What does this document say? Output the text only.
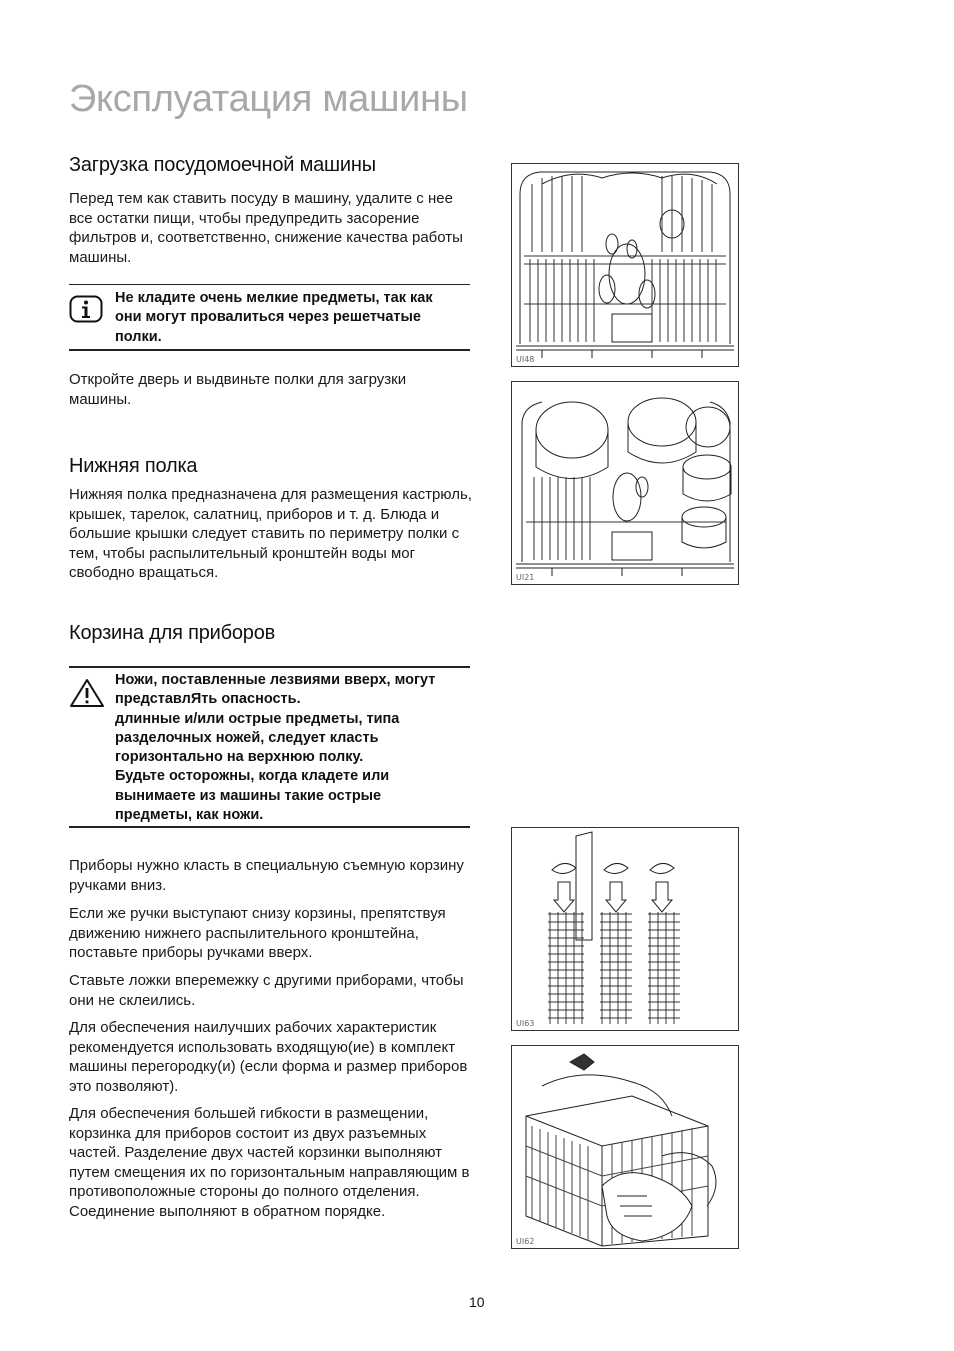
Эксплуатация машины
Загрузка посудомоечной машины

Перед тем как ставить посуду в машину, удалите с нее все остатки пищи, чтобы предупредить засорение фильтров и, соответственно, снижение качества работы машины.

Не кладите очень мелкие предметы, так как
они могут провалиться через решетчатые
полки.

Откройте дверь и выдвиньте полки для загрузки машины.

Нижняя полка

Нижняя полка предназначена для размещения кастрюль, крышек, тарелок, салатниц, приборов и т. д. Блюда и большие крышки следует ставить по периметру полки с тем, чтобы распылительный кронштейн воды мог свободно вращаться.

Корзина для приборов
Ножи, поставленные лезвиями вверх, могут
представлЯть опасность.
длинные и/или острые предметы, типа
разделочных ножей, следует класть
горизонтально на верхнюю полку.
Будьте осторожны, когда кладете или
вынимаете из машины такие острые
предметы, как ножи.

Приборы нужно класть в специальную съемную корзину ручками вниз.

Если же ручки выступают снизу корзины, препятствуя движению нижнего распылительного кронштейна, поставьте приборы ручками вверх.

Ставьте ложки вперемежку с другими приборами, чтобы они не склеились.

Для обеспечения наилучших рабочих характеристик рекомендуется использовать входящую(ие) в комплект машины перегородку(и) (если форма и размер приборов это позволяют).

Для обеспечения большей гибкости в размещении, корзинка для приборов состоит из двух разъемных частей. Разделение двух частей корзинки выполняют путем смещения их по горизонтальным направляющим в противоположные стороны до полного отделения. Соединение выполняют в обратном порядке.

UI48
UI21
UI63
UI62
10
